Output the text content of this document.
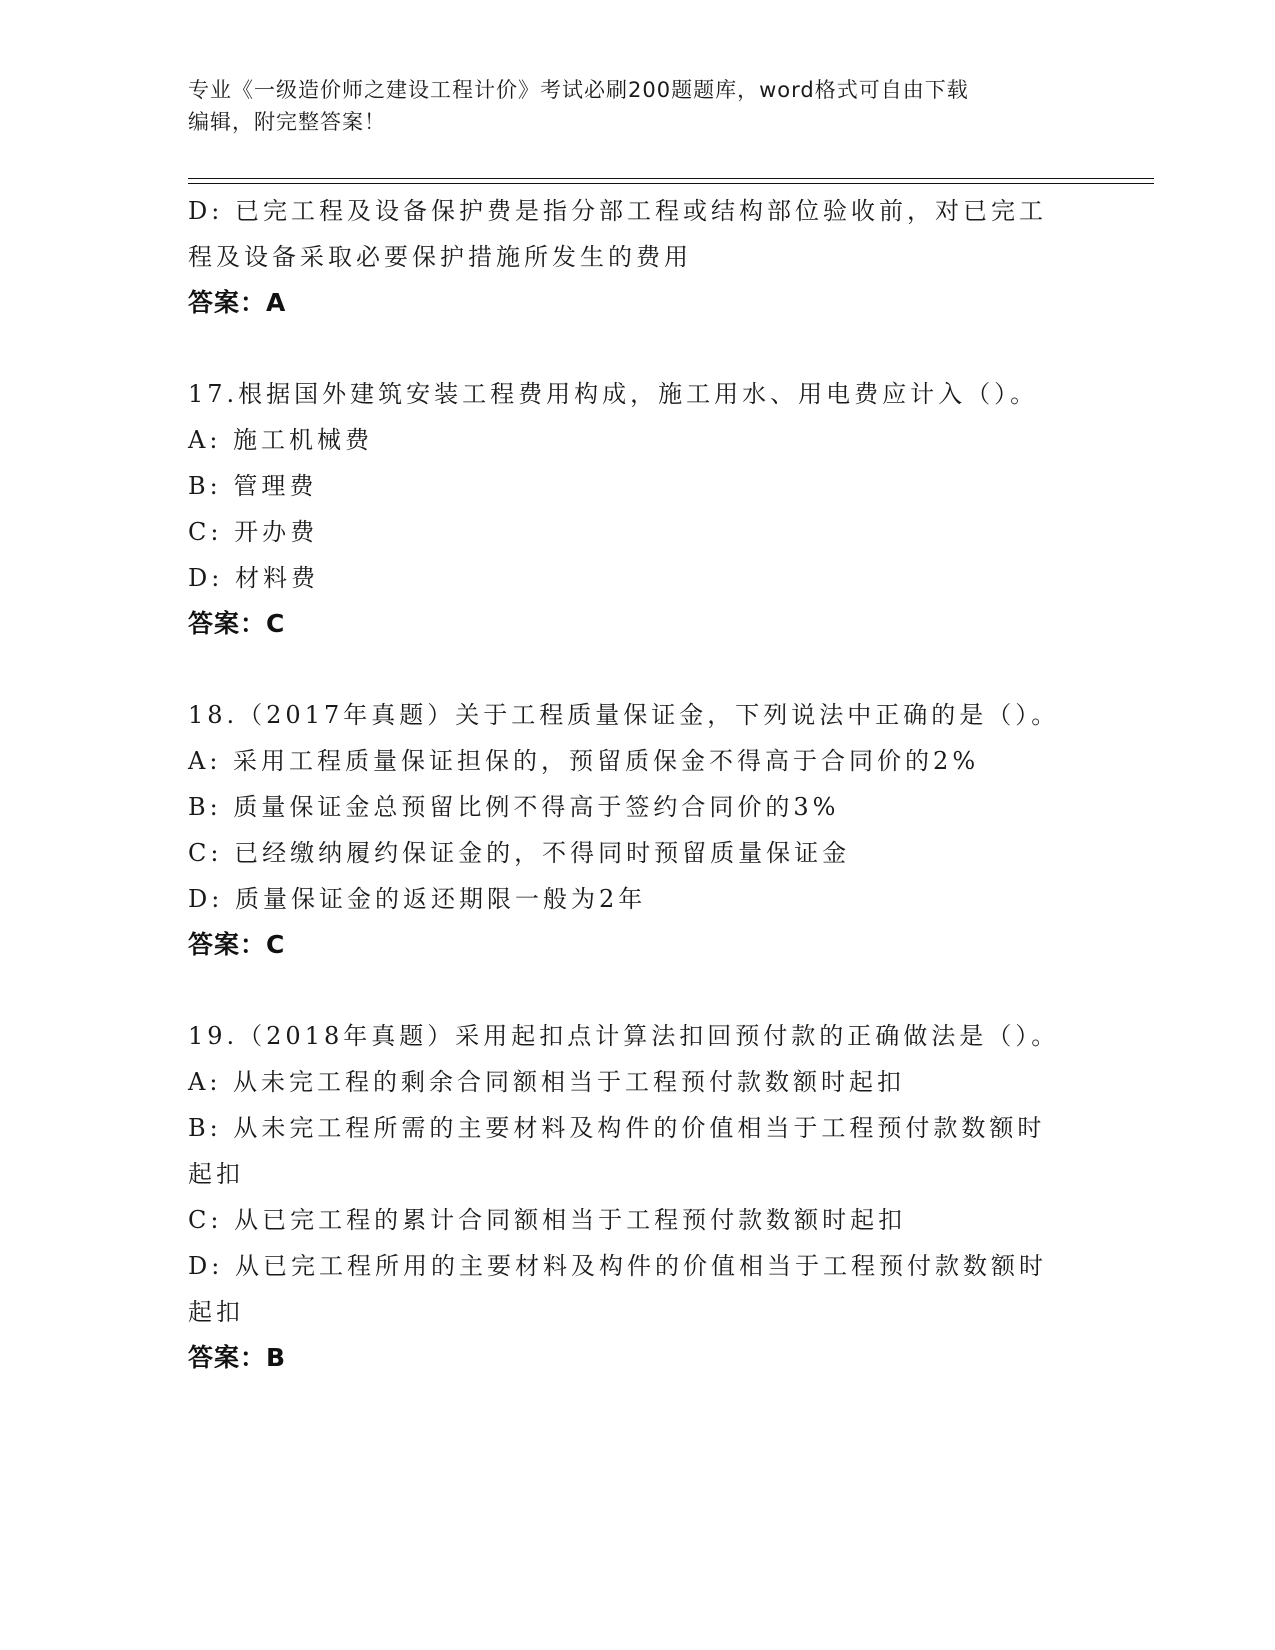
专业《一级造价师之建设工程计价》考试必刷200题题库，word格式可自由下载
编辑，附完整答案！
D: 已完工程及设备保护费是指分部工程或结构部位验收前，对已完工
程及设备采取必要保护措施所发生的费用
答案：A
17.根据国外建筑安装工程费用构成，施工用水、用电费应计入（）。
A: 施工机械费
B: 管理费
C: 开办费
D: 材料费
答案：C
18.（2017年真题）关于工程质量保证金，下列说法中正确的是（）。
A: 采用工程质量保证担保的，预留质保金不得高于合同价的2%
B: 质量保证金总预留比例不得高于签约合同价的3%
C: 已经缴纳履约保证金的，不得同时预留质量保证金
D: 质量保证金的返还期限一般为2年
答案：C
19.（2018年真题）采用起扣点计算法扣回预付款的正确做法是（）。
A: 从未完工程的剩余合同额相当于工程预付款数额时起扣
B: 从未完工程所需的主要材料及构件的价值相当于工程预付款数额时
起扣
C: 从已完工程的累计合同额相当于工程预付款数额时起扣
D: 从已完工程所用的主要材料及构件的价值相当于工程预付款数额时
起扣
答案：B
